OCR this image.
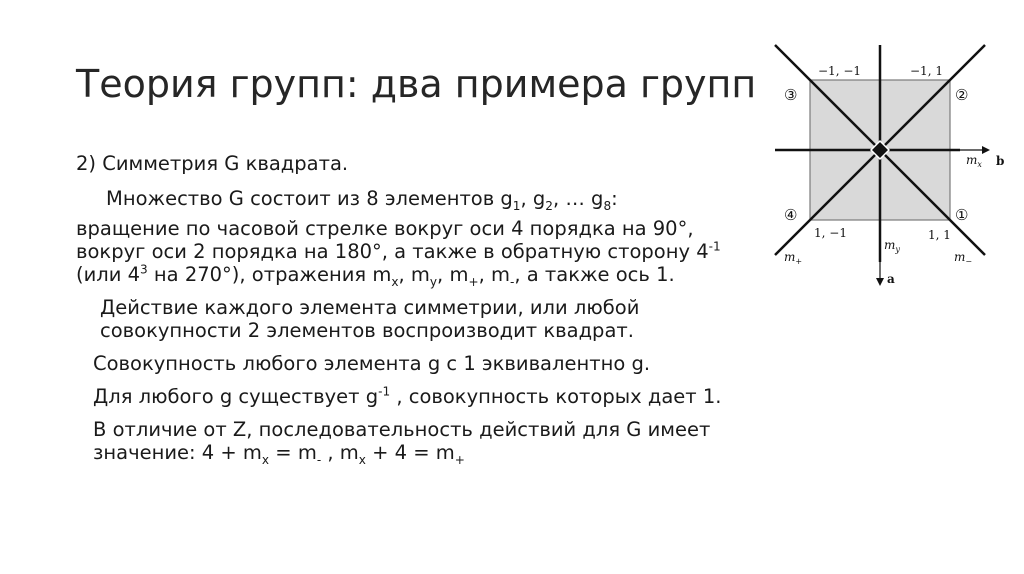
Теория групп: два примера групп

2) Симметрия G квадрата.

Множество G состоит из 8 элементов $g_1$, $g_2$, … $g_8$:

вращение по часовой стрелке вокруг оси 4 порядка на 90°,
вокруг оси 2 порядка на 180°, а также в обратную сторону $4^{-1}$
(или $4^3$ на 270°), отражения $m_x$, $m_y$, $m_+$, $m_-$, а также ось 1.

Действие каждого элемента симметрии, или любой совокупности 2 элементов воспроизводит квадрат.

Совокупность любого элемента g с 1 эквивалентно g.

Для любого g существует $g^{-1}$ , совокупность которых дает 1.

В отличие от Z, последовательность действий для G имеет
значение: $4 + m_x = m_-$ , $m_x + 4 = m_+$

−1, −1	−1, 1
1, −1	1, 1
③	②
④	①
$m_x$
$m_y$
$m_+$	$m_-$
b
a
